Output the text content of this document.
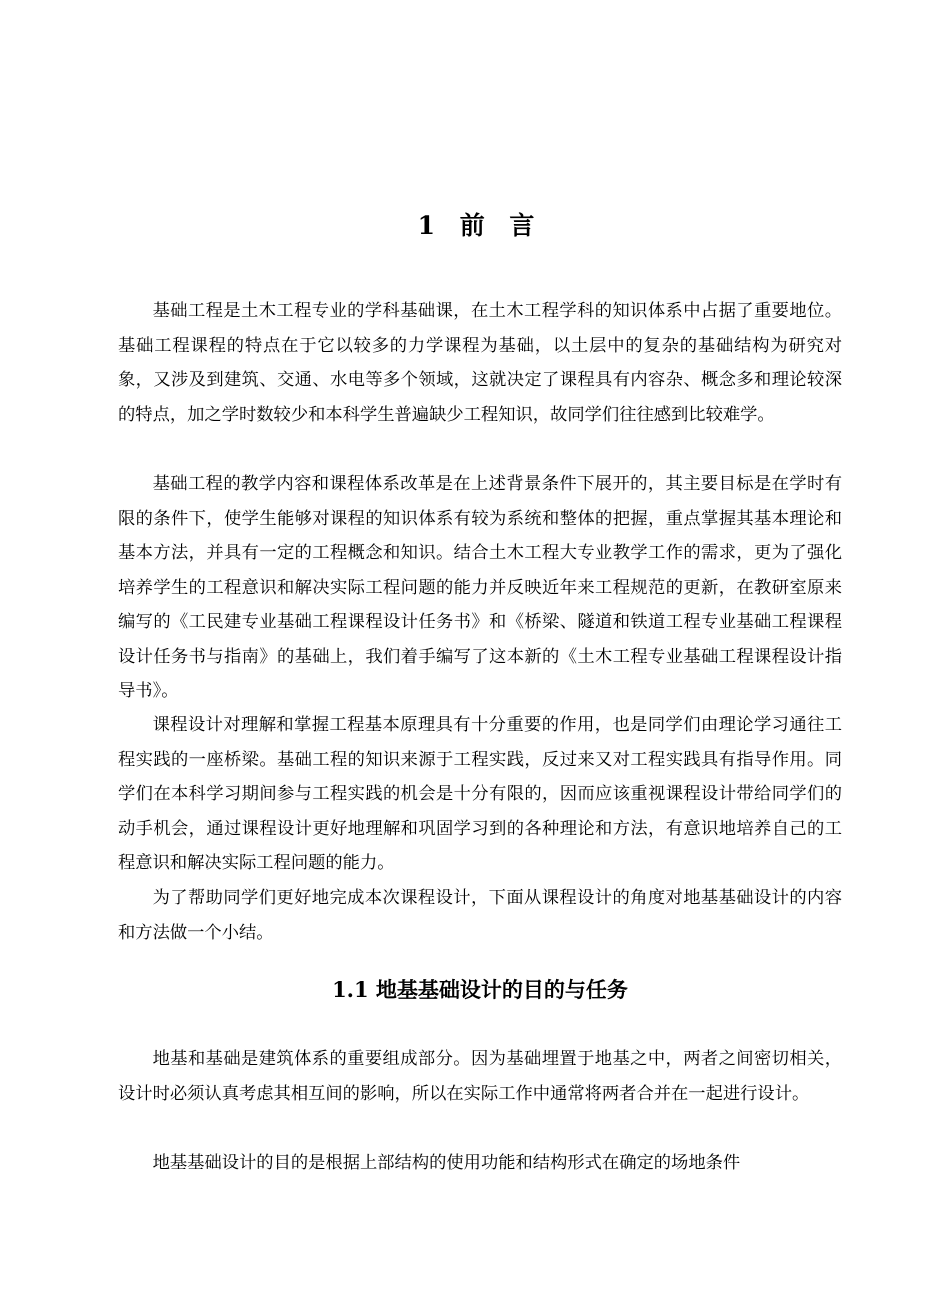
1 前 言

基础工程是土木工程专业的学科基础课，在土木工程学科的知识体系中占据了重要地位。基础工程课程的特点在于它以较多的力学课程为基础，以土层中的复杂的基础结构为研究对象，又涉及到建筑、交通、水电等多个领域，这就决定了课程具有内容杂、概念多和理论较深的特点，加之学时数较少和本科学生普遍缺少工程知识，故同学们往往感到比较难学。

基础工程的教学内容和课程体系改革是在上述背景条件下展开的，其主要目标是在学时有限的条件下，使学生能够对课程的知识体系有较为系统和整体的把握，重点掌握其基本理论和基本方法，并具有一定的工程概念和知识。结合土木工程大专业教学工作的需求，更为了强化培养学生的工程意识和解决实际工程问题的能力并反映近年来工程规范的更新，在教研室原来编写的《工民建专业基础工程课程设计任务书》和《桥梁、隧道和铁道工程专业基础工程课程设计任务书与指南》的基础上，我们着手编写了这本新的《土木工程专业基础工程课程设计指导书》。

课程设计对理解和掌握工程基本原理具有十分重要的作用，也是同学们由理论学习通往工程实践的一座桥梁。基础工程的知识来源于工程实践，反过来又对工程实践具有指导作用。同学们在本科学习期间参与工程实践的机会是十分有限的，因而应该重视课程设计带给同学们的动手机会，通过课程设计更好地理解和巩固学习到的各种理论和方法，有意识地培养自己的工程意识和解决实际工程问题的能力。

为了帮助同学们更好地完成本次课程设计，下面从课程设计的角度对地基基础设计的内容和方法做一个小结。

1.1 地基基础设计的目的与任务

地基和基础是建筑体系的重要组成部分。因为基础埋置于地基之中，两者之间密切相关，设计时必须认真考虑其相互间的影响，所以在实际工作中通常将两者合并在一起进行设计。

地基基础设计的目的是根据上部结构的使用功能和结构形式在确定的场地条件
